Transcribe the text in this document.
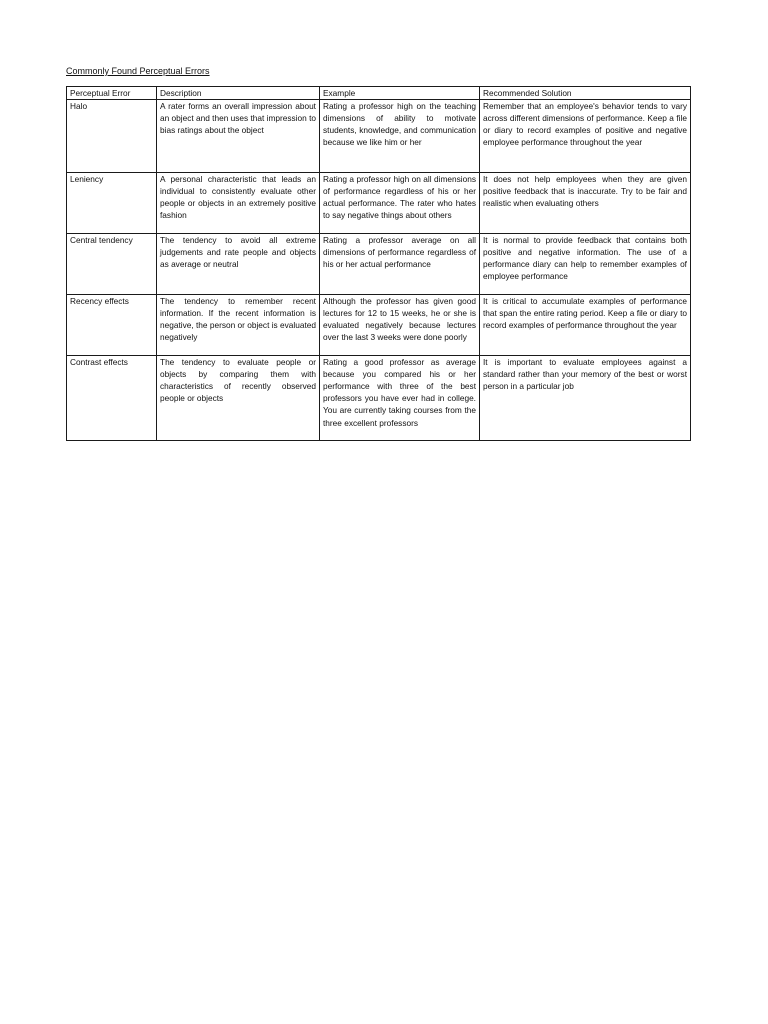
Commonly Found Perceptual Errors
Perceptual Error	Description	Example	Recommended Solution
Halo	A rater forms an overall impression about an object and then uses that impression to bias ratings about the object	Rating a professor high on the teaching dimensions of ability to motivate students, knowledge, and communication because we like him or her	Remember that an employee's behavior tends to vary across different dimensions of performance. Keep a file or diary to record examples of positive and negative employee performance throughout the year
Leniency	A personal characteristic that leads an individual to consistently evaluate other people or objects in an extremely positive fashion	Rating a professor high on all dimensions of performance regardless of his or her actual performance. The rater who hates to say negative things about others	It does not help employees when they are given positive feedback that is inaccurate. Try to be fair and realistic when evaluating others
Central tendency	The tendency to avoid all extreme judgements and rate people and objects as average or neutral	Rating a professor average on all dimensions of performance regardless of his or her actual performance	It is normal to provide feedback that contains both positive and negative information. The use of a performance diary can help to remember examples of employee performance
Recency effects	The tendency to remember recent information. If the recent information is negative, the person or object is evaluated negatively	Although the professor has given good lectures for 12 to 15 weeks, he or she is evaluated negatively because lectures over the last 3 weeks were done poorly	It is critical to accumulate examples of performance that span the entire rating period. Keep a file or diary to record examples of performance throughout the year
Contrast effects	The tendency to evaluate people or objects by comparing them with characteristics of recently observed people or objects	Rating a good professor as average because you compared his or her performance with three of the best professors you have ever had in college. You are currently taking courses from the three excellent professors	It is important to evaluate employees against a standard rather than your memory of the best or worst person in a particular job
